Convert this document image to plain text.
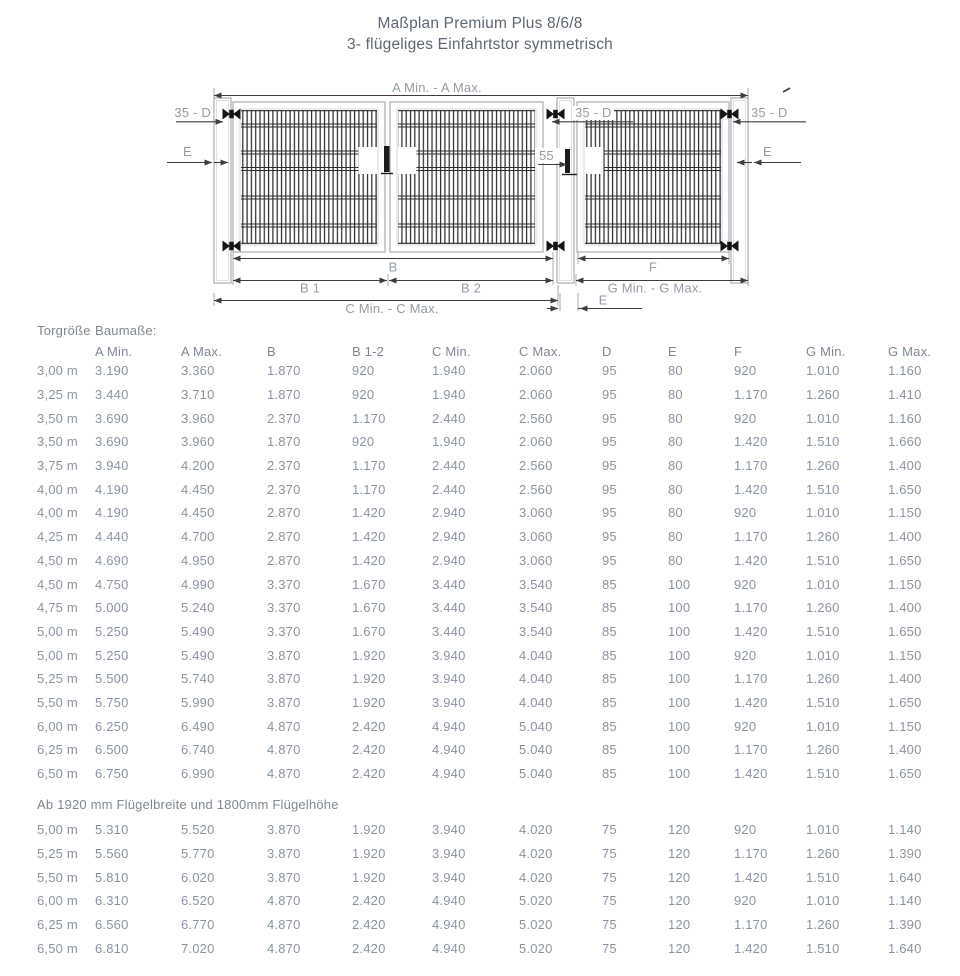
Maßplan Premium Plus 8/6/8
3- flügeliges Einfahrtstor symmetrisch
A Min. - A Max.
35 - D	35 - D	35 - D
E	E
55
B	F
B 1	B 2	G Min. - G Max.
C Min. - C Max.
E
Torgröße Baumaße:
A Min.	A Max.	B	B 1-2	C Min.	C Max.	D	E	F	G Min.	G Max.
3,00 m	3.190	3.360	1.870	920	1.940	2.060	95	80	920	1.010	1.160
3,25 m	3.440	3.710	1.870	920	1.940	2.060	95	80	1.170	1.260	1.410
3,50 m	3.690	3.960	2.370	1.170	2.440	2.560	95	80	920	1.010	1.160
3,50 m	3.690	3.960	1.870	920	1.940	2.060	95	80	1.420	1.510	1.660
3,75 m	3.940	4.200	2.370	1.170	2.440	2.560	95	80	1.170	1.260	1.400
4,00 m	4.190	4.450	2.370	1.170	2.440	2.560	95	80	1.420	1.510	1.650
4,00 m	4.190	4.450	2.870	1.420	2.940	3.060	95	80	920	1.010	1.150
4,25 m	4.440	4.700	2.870	1.420	2.940	3.060	95	80	1.170	1.260	1.400
4,50 m	4.690	4.950	2.870	1.420	2.940	3.060	95	80	1.420	1.510	1.650
4,50 m	4.750	4.990	3.370	1.670	3.440	3.540	85	100	920	1.010	1.150
4,75 m	5.000	5.240	3.370	1.670	3.440	3.540	85	100	1.170	1.260	1.400
5,00 m	5.250	5.490	3.370	1.670	3.440	3.540	85	100	1.420	1.510	1.650
5,00 m	5.250	5.490	3.870	1.920	3.940	4.040	85	100	920	1.010	1.150
5,25 m	5.500	5.740	3.870	1.920	3.940	4.040	85	100	1.170	1.260	1.400
5,50 m	5.750	5.990	3.870	1.920	3.940	4.040	85	100	1.420	1.510	1.650
6,00 m	6.250	6.490	4.870	2.420	4.940	5.040	85	100	920	1.010	1.150
6,25 m	6.500	6.740	4.870	2.420	4.940	5.040	85	100	1.170	1.260	1.400
6,50 m	6.750	6.990	4.870	2.420	4.940	5.040	85	100	1.420	1.510	1.650
Ab 1920 mm Flügelbreite und 1800mm Flügelhöhe
5,00 m	5.310	5.520	3.870	1.920	3.940	4.020	75	120	920	1.010	1.140
5,25 m	5.560	5.770	3.870	1.920	3.940	4.020	75	120	1.170	1.260	1.390
5,50 m	5.810	6.020	3.870	1.920	3.940	4.020	75	120	1.420	1.510	1.640
6,00 m	6.310	6.520	4.870	2.420	4.940	5.020	75	120	920	1.010	1.140
6,25 m	6.560	6.770	4.870	2.420	4.940	5.020	75	120	1.170	1.260	1.390
6,50 m	6.810	7.020	4.870	2.420	4.940	5.020	75	120	1.420	1.510	1.640
